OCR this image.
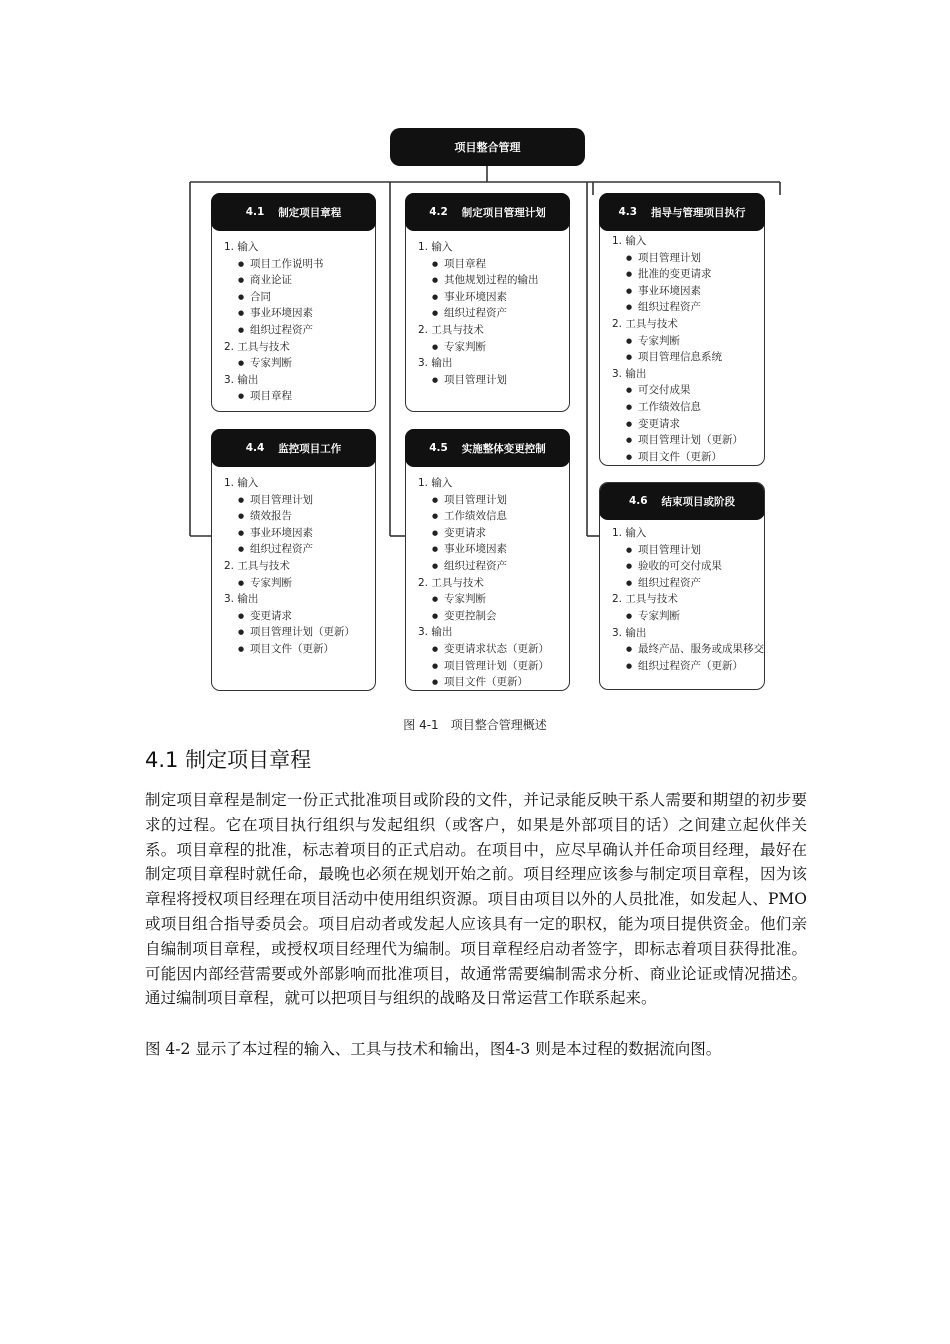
项目整合管理
4.1 制定项目章程
1. 输入
● 项目工作说明书
● 商业论证
● 合同
● 事业环境因素
● 组织过程资产
2. 工具与技术
● 专家判断
3. 输出
● 项目章程
4.2 制定项目管理计划
1. 输入
● 项目章程
● 其他规划过程的输出
● 事业环境因素
● 组织过程资产
2. 工具与技术
● 专家判断
3. 输出
● 项目管理计划
4.3 指导与管理项目执行
1. 输入
● 项目管理计划
● 批准的变更请求
● 事业环境因素
● 组织过程资产
2. 工具与技术
● 专家判断
● 项目管理信息系统
3. 输出
● 可交付成果
● 工作绩效信息
● 变更请求
● 项目管理计划（更新）
● 项目文件（更新）
4.4 监控项目工作
1. 输入
● 项目管理计划
● 绩效报告
● 事业环境因素
● 组织过程资产
2. 工具与技术
● 专家判断
3. 输出
● 变更请求
● 项目管理计划（更新）
● 项目文件（更新）
4.5 实施整体变更控制
1. 输入
● 项目管理计划
● 工作绩效信息
● 变更请求
● 事业环境因素
● 组织过程资产
2. 工具与技术
● 专家判断
● 变更控制会
3. 输出
● 变更请求状态（更新）
● 项目管理计划（更新）
● 项目文件（更新）
4.6 结束项目或阶段
1. 输入
● 项目管理计划
● 验收的可交付成果
● 组织过程资产
2. 工具与技术
● 专家判断
3. 输出
● 最终产品、服务或成果移交
● 组织过程资产（更新）
图 4-1　项目整合管理概述
4.1 制定项目章程

制定项目章程是制定一份正式批准项目或阶段的文件，并记录能反映干系人需要和期望的初步要求的过程。它在项目执行组织与发起组织（或客户，如果是外部项目的话）之间建立起伙伴关系。项目章程的批准，标志着项目的正式启动。在项目中，应尽早确认并任命项目经理，最好在制定项目章程时就任命，最晚也必须在规划开始之前。项目经理应该参与制定项目章程，因为该章程将授权项目经理在项目活动中使用组织资源。项目由项目以外的人员批准，如发起人、PMO 或项目组合指导委员会。项目启动者或发起人应该具有一定的职权，能为项目提供资金。他们亲自编制项目章程，或授权项目经理代为编制。项目章程经启动者签字，即标志着项目获得批准。可能因内部经营需要或外部影响而批准项目，故通常需要编制需求分析、商业论证或情况描述。通过编制项目章程，就可以把项目与组织的战略及日常运营工作联系起来。

图 4-2 显示了本过程的输入、工具与技术和输出，图4-3 则是本过程的数据流向图。
